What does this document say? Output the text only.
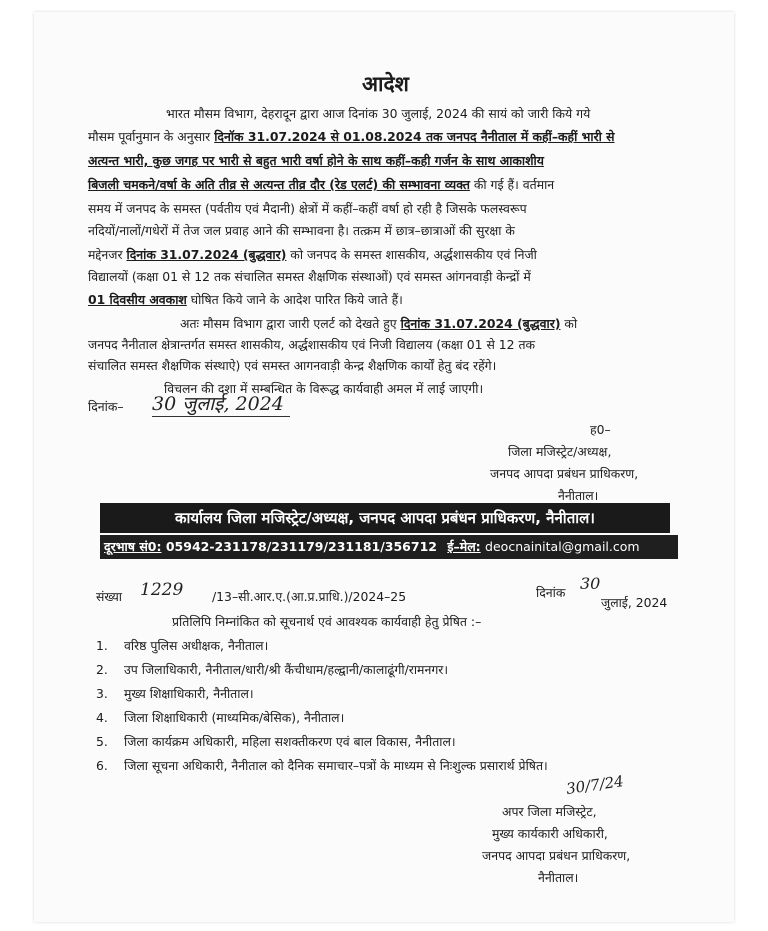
आदेश
भारत मौसम विभाग, देहरादून द्वारा आज दिनांक 30 जुलाई, 2024 की सायं को जारी किये गये
मौसम पूर्वानुमान के अनुसार दिनॉक 31.07.2024 से 01.08.2024 तक जनपद नैनीताल में कहीं–कहीं भारी से
अत्यन्त भारी, कुछ जगह पर भारी से बहुत भारी वर्षा होने के साथ कहीं–कही गर्जन के साथ आकाशीय
बिजली चमकने/वर्षा के अति तीव्र से अत्यन्त तीव्र दौर (रेड एलर्ट) की सम्भावना व्यक्त की गई हैं। वर्तमान
समय में जनपद के समस्त (पर्वतीय एवं मैदानी) क्षेत्रों में कहीं–कहीं वर्षा हो रही है जिसके फलस्वरूप
नदियों/नालों/गधेरों में तेज जल प्रवाह आने की सम्भावना है। तत्क्रम में छात्र–छात्राओं की सुरक्षा के
मद्देनजर दिनांक 31.07.2024 (बुद्धवार) को जनपद के समस्त शासकीय, अर्द्धशासकीय एवं निजी
विद्यालयों (कक्षा 01 से 12 तक संचालित समस्त शैक्षणिक संस्थाओं) एवं समस्त आंगनवाड़ी केन्द्रों में
01 दिवसीय अवकाश घोषित किये जाने के आदेश पारित किये जाते हैं।
अतः मौसम विभाग द्वारा जारी एलर्ट को देखते हुए दिनांक 31.07.2024 (बुद्धवार) को
जनपद नैनीताल क्षेत्रान्तर्गत समस्त शासकीय, अर्द्धशासकीय एवं निजी विद्यालय (कक्षा 01 से 12 तक
संचालित समस्त शैक्षणिक संस्थाऐ) एवं समस्त आगनवाड़ी केन्द्र शैक्षणिक कार्यों हेतु बंद रहेंगे।
विचलन की दशा में सम्बन्धित के विरूद्ध कार्यवाही अमल में लाई जाएगी।
दिनांक– 30 जुलाई, 2024
ह0–
जिला मजिस्ट्रेट/अध्यक्ष,
जनपद आपदा प्रबंधन प्राधिकरण,
नैनीताल।
कार्यालय जिला मजिस्ट्रेट/अध्यक्ष, जनपद आपदा प्रबंधन प्राधिकरण, नैनीताल।
दूरभाष सं0: 05942-231178/231179/231181/356712 ई–मेल: deocnainital@gmail.com
संख्या 1229 /13–सी.आर.ए.(आ.प्र.प्राधि.)/2024–25	दिनांक 30
जुलाई, 2024
प्रतिलिपि निम्नांकित को सूचनार्थ एवं आवश्यक कार्यवाही हेतु प्रेषित :–
1. वरिष्ठ पुलिस अधीक्षक, नैनीताल।
2. उप जिलाधिकारी, नैनीताल/धारी/श्री कैंचीधाम/हल्द्वानी/कालाढूंगी/रामनगर।
3. मुख्य शिक्षाधिकारी, नैनीताल।
4. जिला शिक्षाधिकारी (माध्यमिक/बेसिक), नैनीताल।
5. जिला कार्यक्रम अधिकारी, महिला सशक्तीकरण एवं बाल विकास, नैनीताल।
6. जिला सूचना अधिकारी, नैनीताल को दैनिक समाचार–पत्रों के माध्यम से निःशुल्क प्रसारार्थ प्रेषित।
30/7/24
अपर जिला मजिस्ट्रेट,
मुख्य कार्यकारी अधिकारी,
जनपद आपदा प्रबंधन प्राधिकरण,
नैनीताल।
